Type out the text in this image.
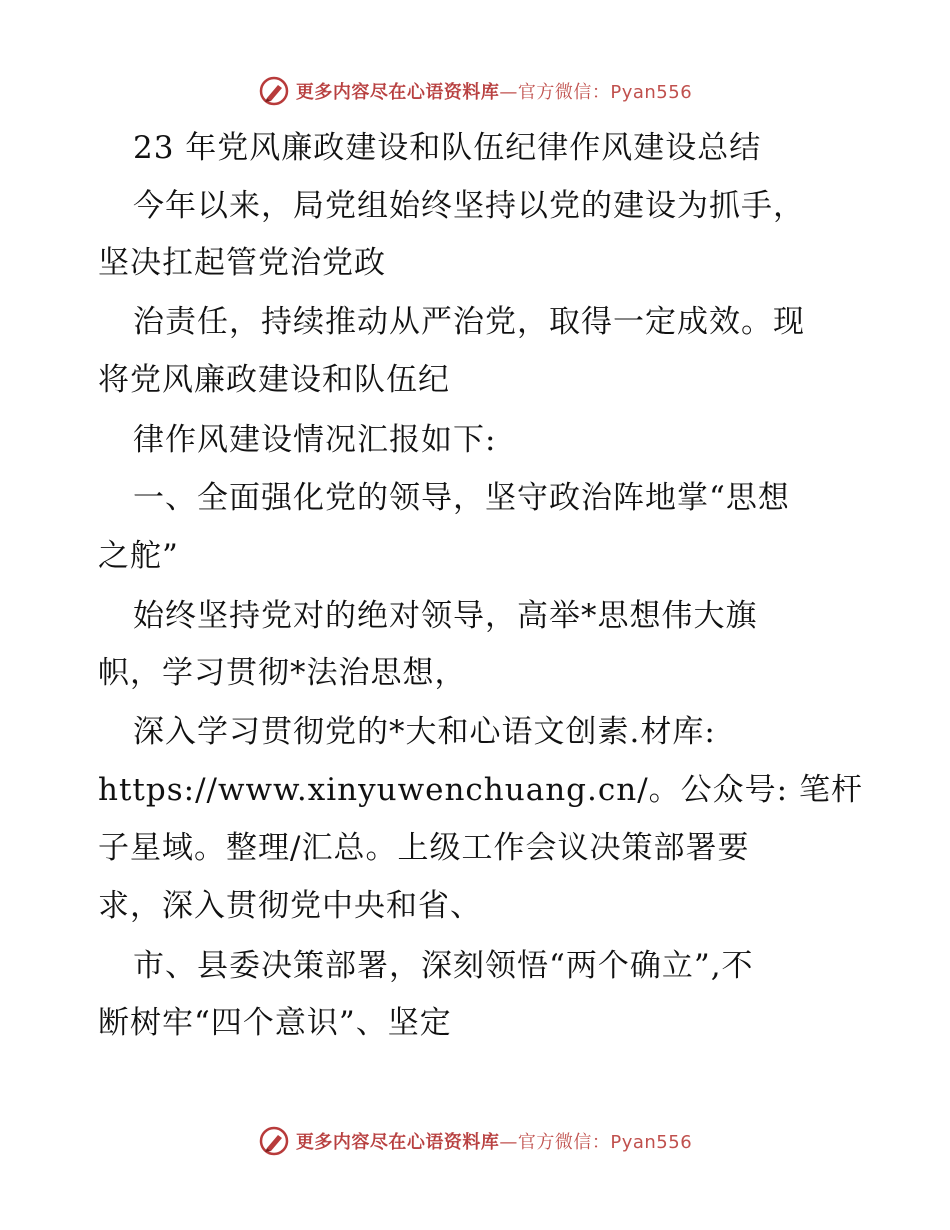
更多内容尽在心语资料库—官方微信：Pyan556
23 年党风廉政建设和队伍纪律作风建设总结
今年以来，局党组始终坚持以党的建设为抓手，
坚决扛起管党治党政
治责任，持续推动从严治党，取得一定成效。现
将党风廉政建设和队伍纪
律作风建设情况汇报如下:
一、全面强化党的领导，坚守政治阵地掌“思想
之舵”
始终坚持党对的绝对领导，高举*思想伟大旗
帜，学习贯彻*法治思想，
深入学习贯彻党的*大和心语文创素.材库:
https://www.xinyuwenchuang.cn/。公众号: 笔杆
子星域。整理/汇总。上级工作会议决策部署要
求，深入贯彻党中央和省、
市、县委决策部署，深刻领悟“两个确立”,不
断树牢“四个意识”、坚定
更多内容尽在心语资料库—官方微信：Pyan556
